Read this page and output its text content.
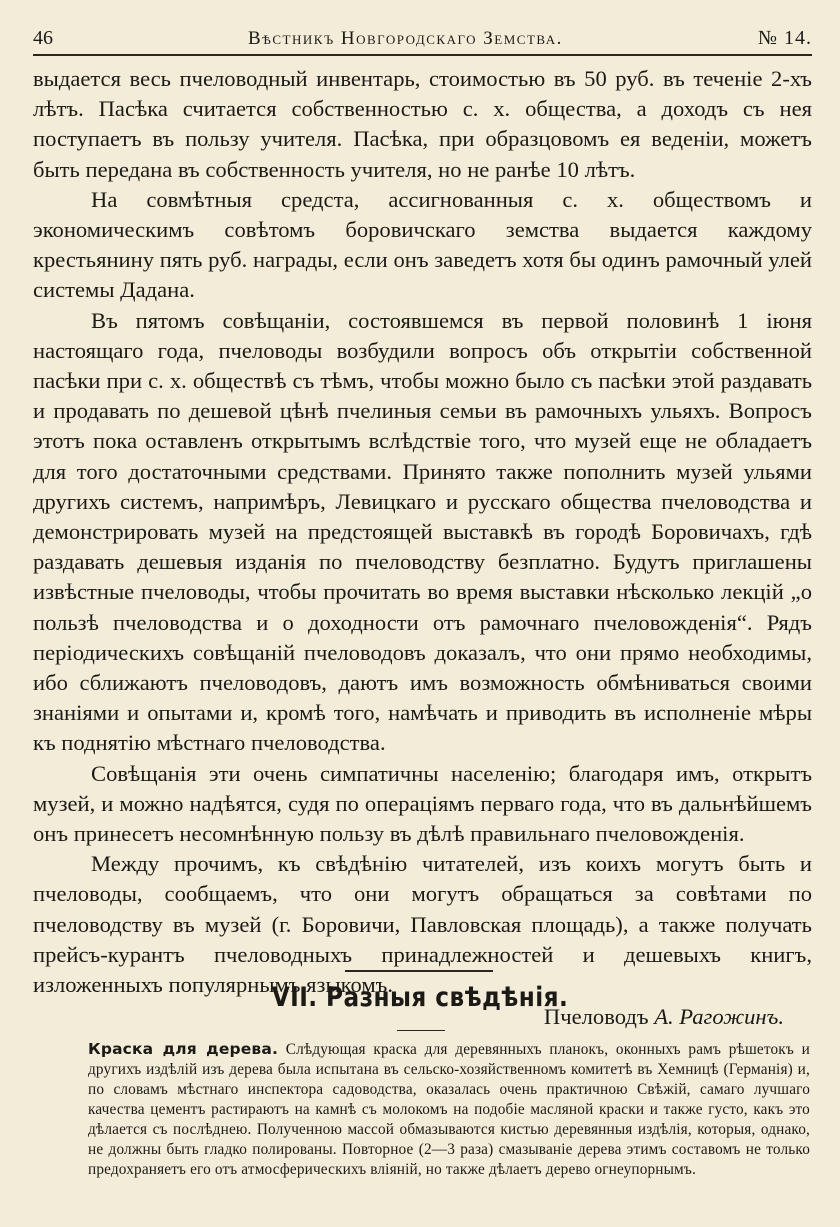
46	Вѣстникъ Новгородскаго Земства.	№ 14.

выдается весь пчеловодный инвентарь, стоимостью въ 50 руб. въ теченіе 2-хъ лѣтъ. Пасѣка считается собственностью с. х. общества, а доходъ съ нея поступаетъ въ пользу учителя. Пасѣка, при образцовомъ ея веденіи, можетъ быть передана въ собственность учителя, но не ранѣе 10 лѣтъ.

На совмѣтныя средста, ассигнованныя с. х. обществомъ и экономическимъ совѣтомъ боровичскаго земства выдается каждому крестьянину пять руб. награды, если онъ заведетъ хотя бы одинъ рамочный улей системы Дадана.

Въ пятомъ совѣщаніи, состоявшемся въ первой половинѣ 1 іюня настоящаго года, пчеловоды возбудили вопросъ объ открытіи собственной пасѣки при с. х. обществѣ съ тѣмъ, чтобы можно было съ пасѣки этой раздавать и продавать по дешевой цѣнѣ пчелиныя семьи въ рамочныхъ ульяхъ. Вопросъ этотъ пока оставленъ открытымъ вслѣдствіе того, что музей еще не обладаетъ для того достаточными средствами. Принято также пополнить музей ульями другихъ системъ, напримѣръ, Левицкаго и русскаго общества пчеловодства и демонстрировать музей на предстоящей выставкѣ въ городѣ Боровичахъ, гдѣ раздавать дешевыя изданія по пчеловодству безплатно. Будутъ приглашены извѣстные пчеловоды, чтобы прочитать во время выставки нѣсколько лекцій „о пользѣ пчеловодства и о доходности отъ рамочнаго пчеловожденія“. Рядъ періодическихъ совѣщаній пчеловодовъ доказалъ, что они прямо необходимы, ибо сближаютъ пчеловодовъ, даютъ имъ возможность обмѣниваться своими знаніями и опытами и, кромѣ того, намѣчать и приводить въ исполненіе мѣры къ поднятію мѣстнаго пчеловодства.

Совѣщанія эти очень симпатичны населенію; благодаря имъ, открытъ музей, и можно надѣятся, судя по операціямъ перваго года, что въ дальнѣйшемъ онъ принесетъ несомнѣнную пользу въ дѣлѣ правильнаго пчеловожденія.

Между прочимъ, къ свѣдѣнію читателей, изъ коихъ могутъ быть и пчеловоды, сообщаемъ, что они могутъ обращаться за совѣтами по пчеловодству въ музей (г. Боровичи, Павловская площадь), а также получать прейсъ-курантъ пчеловодныхъ принадлежностей и дешевыхъ книгъ, изложенныхъ популярнымъ языкомъ.

Пчеловодъ А. Рагожинъ.
VII. Разныя свѣдѣнія.
Краска для дерева. Слѣдующая краска для деревянныхъ планокъ, оконныхъ рамъ рѣшетокъ и другихъ издѣлій изъ дерева была испытана въ сельско-хозяйственномъ комитетѣ въ Хемницѣ (Германія) и, по словамъ мѣстнаго инспектора садоводства, оказалась очень практичною Свѣжій, самаго лучшаго качества цементъ растираютъ на камнѣ съ молокомъ на подобіе масляной краски и также густо, какъ это дѣлается съ послѣднею. Полученною массой обмазываются кистью деревянныя издѣлія, которыя, однако, не должны быть гладко полированы. Повторное (2—3 раза) смазываніе дерева этимъ составомъ не только предохраняетъ его отъ атмосферическихъ вліяній, но также дѣлаетъ дерево огнеупорнымъ.
